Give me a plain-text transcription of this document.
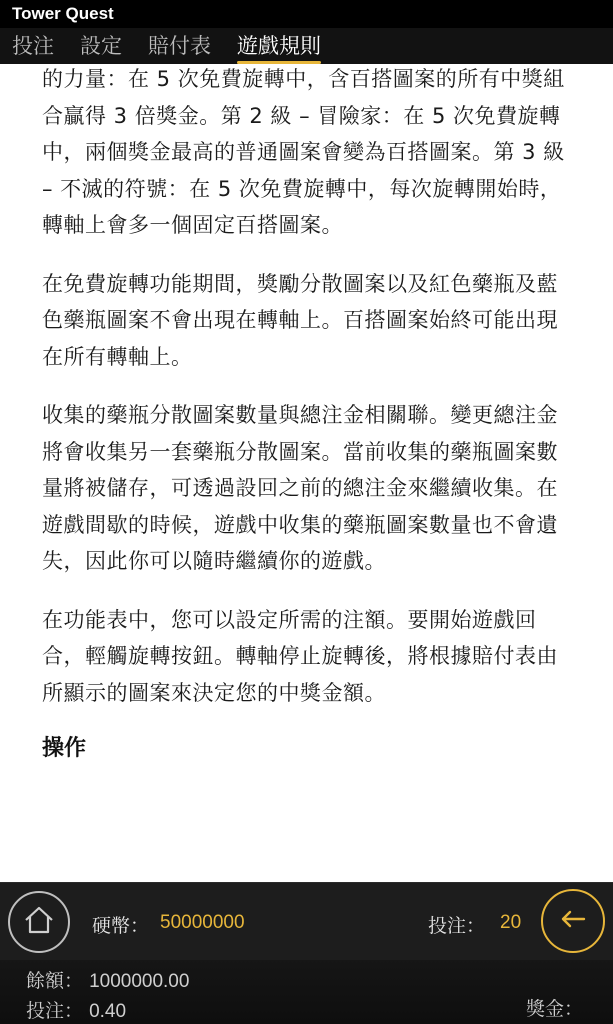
Tower Quest
投注 設定 賠付表 遊戲規則

的力量：在 5 次免費旋轉中，含百搭圖案的所有中獎組合贏得 3 倍獎金。第 2 級 – 冒險家：在 5 次免費旋轉中，兩個獎金最高的普通圖案會變為百搭圖案。第 3 級 – 不滅的符號：在 5 次免費旋轉中，每次旋轉開始時，轉軸上會多一個固定百搭圖案。

在免費旋轉功能期間，獎勵分散圖案以及紅色藥瓶及藍色藥瓶圖案不會出現在轉軸上。百搭圖案始終可能出現在所有轉軸上。

收集的藥瓶分散圖案數量與總注金相關聯。變更總注金將會收集另一套藥瓶分散圖案。當前收集的藥瓶圖案數量將被儲存，可透過設回之前的總注金來繼續收集。在遊戲間歇的時候，遊戲中收集的藥瓶圖案數量也不會遺失，因此你可以隨時繼續你的遊戲。

在功能表中，您可以設定所需的注額。要開始遊戲回合，輕觸旋轉按鈕。轉軸停止旋轉後，將根據賠付表由所顯示的圖案來決定您的中獎金額。

操作
硬幣： 50000000	投注： 20
餘額： 1000000.00
投注： 0.40	獎金：
